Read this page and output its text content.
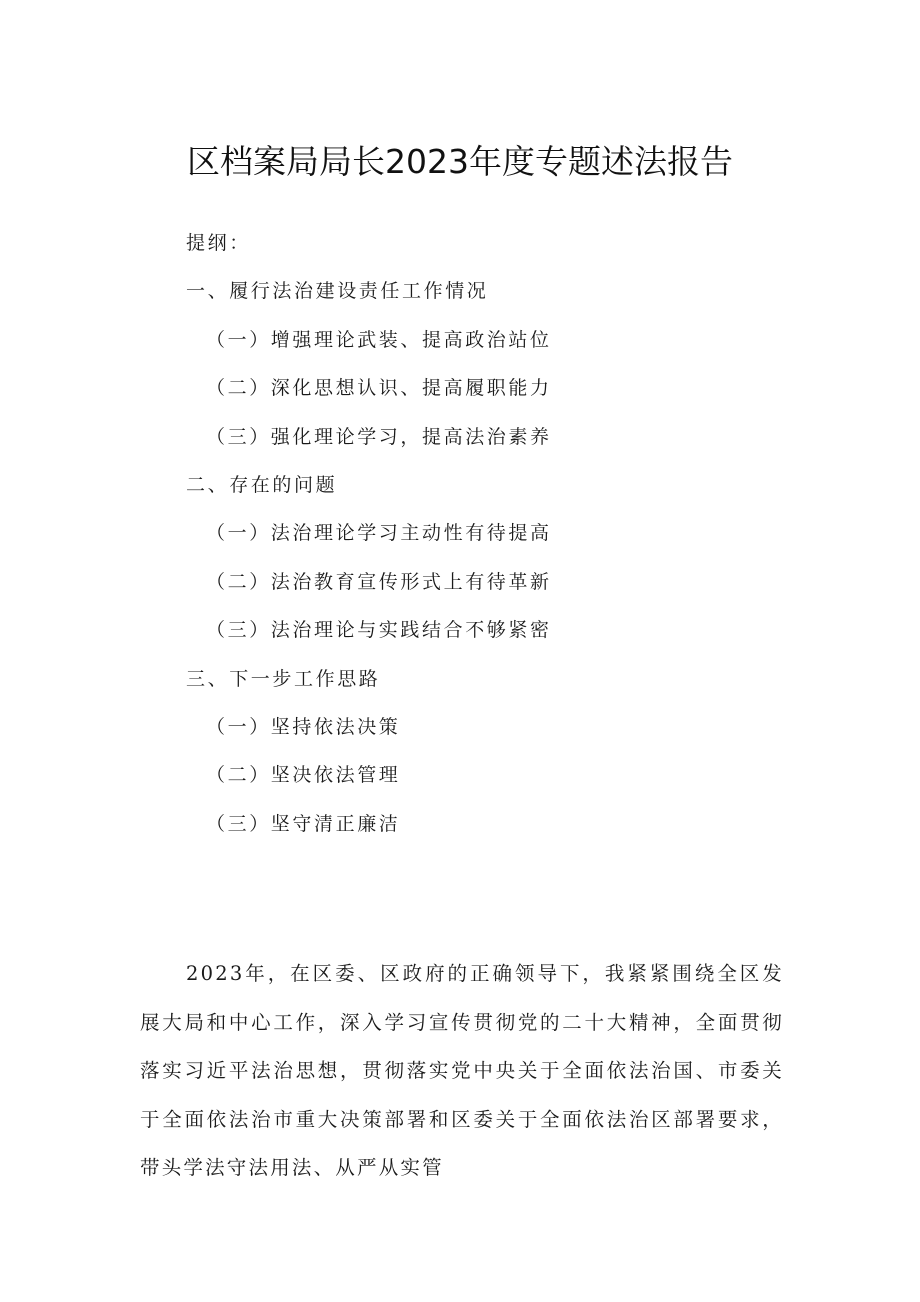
区档案局局长2023年度专题述法报告
提纲：
一、履行法治建设责任工作情况
（一）增强理论武装、提高政治站位
（二）深化思想认识、提高履职能力
（三）强化理论学习，提高法治素养
二、存在的问题
（一）法治理论学习主动性有待提高
（二）法治教育宣传形式上有待革新
（三）法治理论与实践结合不够紧密
三、下一步工作思路
（一）坚持依法决策
（二）坚决依法管理
（三）坚守清正廉洁

2023年，在区委、区政府的正确领导下，我紧紧围绕全区发展大局和中心工作，深入学习宣传贯彻党的二十大精神，全面贯彻落实习近平法治思想，贯彻落实党中央关于全面依法治国、市委关于全面依法治市重大决策部署和区委关于全面依法治区部署要求，带头学法守法用法、从严从实管
